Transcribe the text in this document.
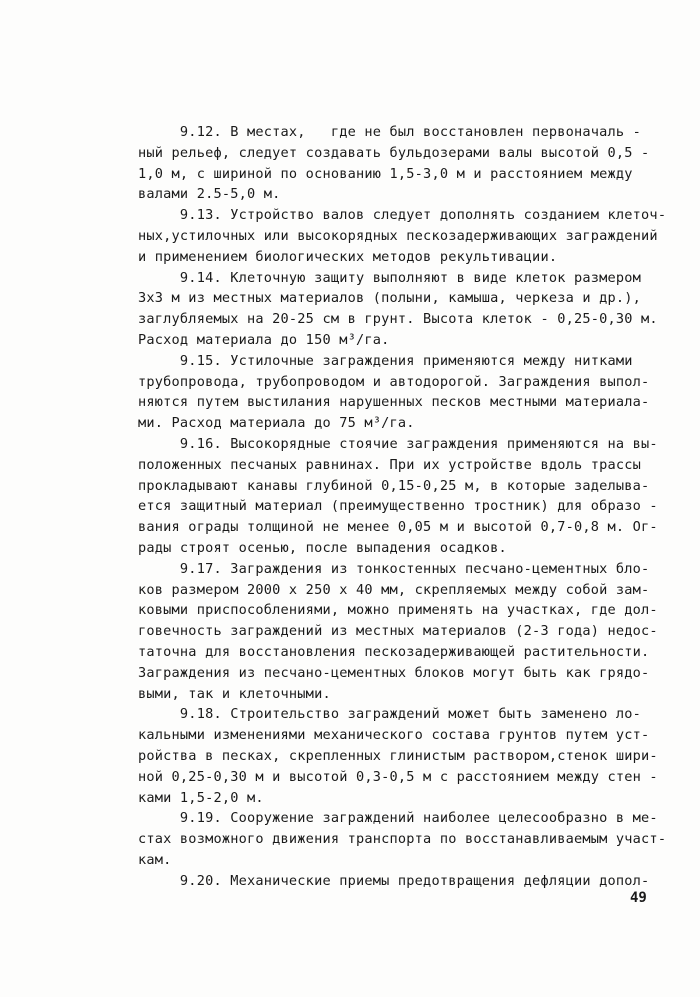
9.12. В местах,   где не был восстановлен первоначаль -
ный рельеф, следует создавать бульдозерами валы высотой 0,5 -
1,0 м, с шириной по основанию 1,5-3,0 м и расстоянием между
валами 2.5-5,0 м.
9.13. Устройство валов следует дополнять созданием клеточ-
ных,устилочных или высокорядных пескозадерживающих заграждений
и применением биологических методов рекультивации.
9.14. Клеточную защиту выполняют в виде клеток размером
3х3 м из местных материалов (полыни, камыша, черкеза и др.),
заглубляемых на 20-25 см в грунт. Высота клеток - 0,25-0,30 м.
Расход материала до 150 м³/га.
9.15. Устилочные заграждения применяются между нитками
трубопровода, трубопроводом и автодорогой. Заграждения выпол-
няются путем выстилания нарушенных песков местными материала-
ми. Расход материала до 75 м³/га.
9.16. Высокорядные стоячие заграждения применяются на вы-
положенных песчаных равнинах. При их устройстве вдоль трассы
прокладывают канавы глубиной 0,15-0,25 м, в которые заделыва-
ется защитный материал (преимущественно тростник) для образо -
вания ограды толщиной не менее 0,05 м и высотой 0,7-0,8 м. Ог-
рады строят осенью, после выпадения осадков.
9.17. Заграждения из тонкостенных песчано-цементных бло-
ков размером 2000 х 250 х 40 мм, скрепляемых между собой зам-
ковыми приспособлениями, можно применять на участках, где дол-
говечность заграждений из местных материалов (2-3 года) недос-
таточна для восстановления пескозадерживающей растительности.
Заграждения из песчано-цементных блоков могут быть как грядо-
выми, так и клеточными.
9.18. Строительство заграждений может быть заменено ло-
кальными изменениями механического состава грунтов путем уст-
ройства в песках, скрепленных глинистым раствором,стенок шири-
ной 0,25-0,30 м и высотой 0,3-0,5 м с расстоянием между стен -
ками 1,5-2,0 м.
9.19. Сооружение заграждений наиболее целесообразно в ме-
стах возможного движения транспорта по восстанавливаемым участ-
кам.
9.20. Механические приемы предотвращения дефляции допол-
49
